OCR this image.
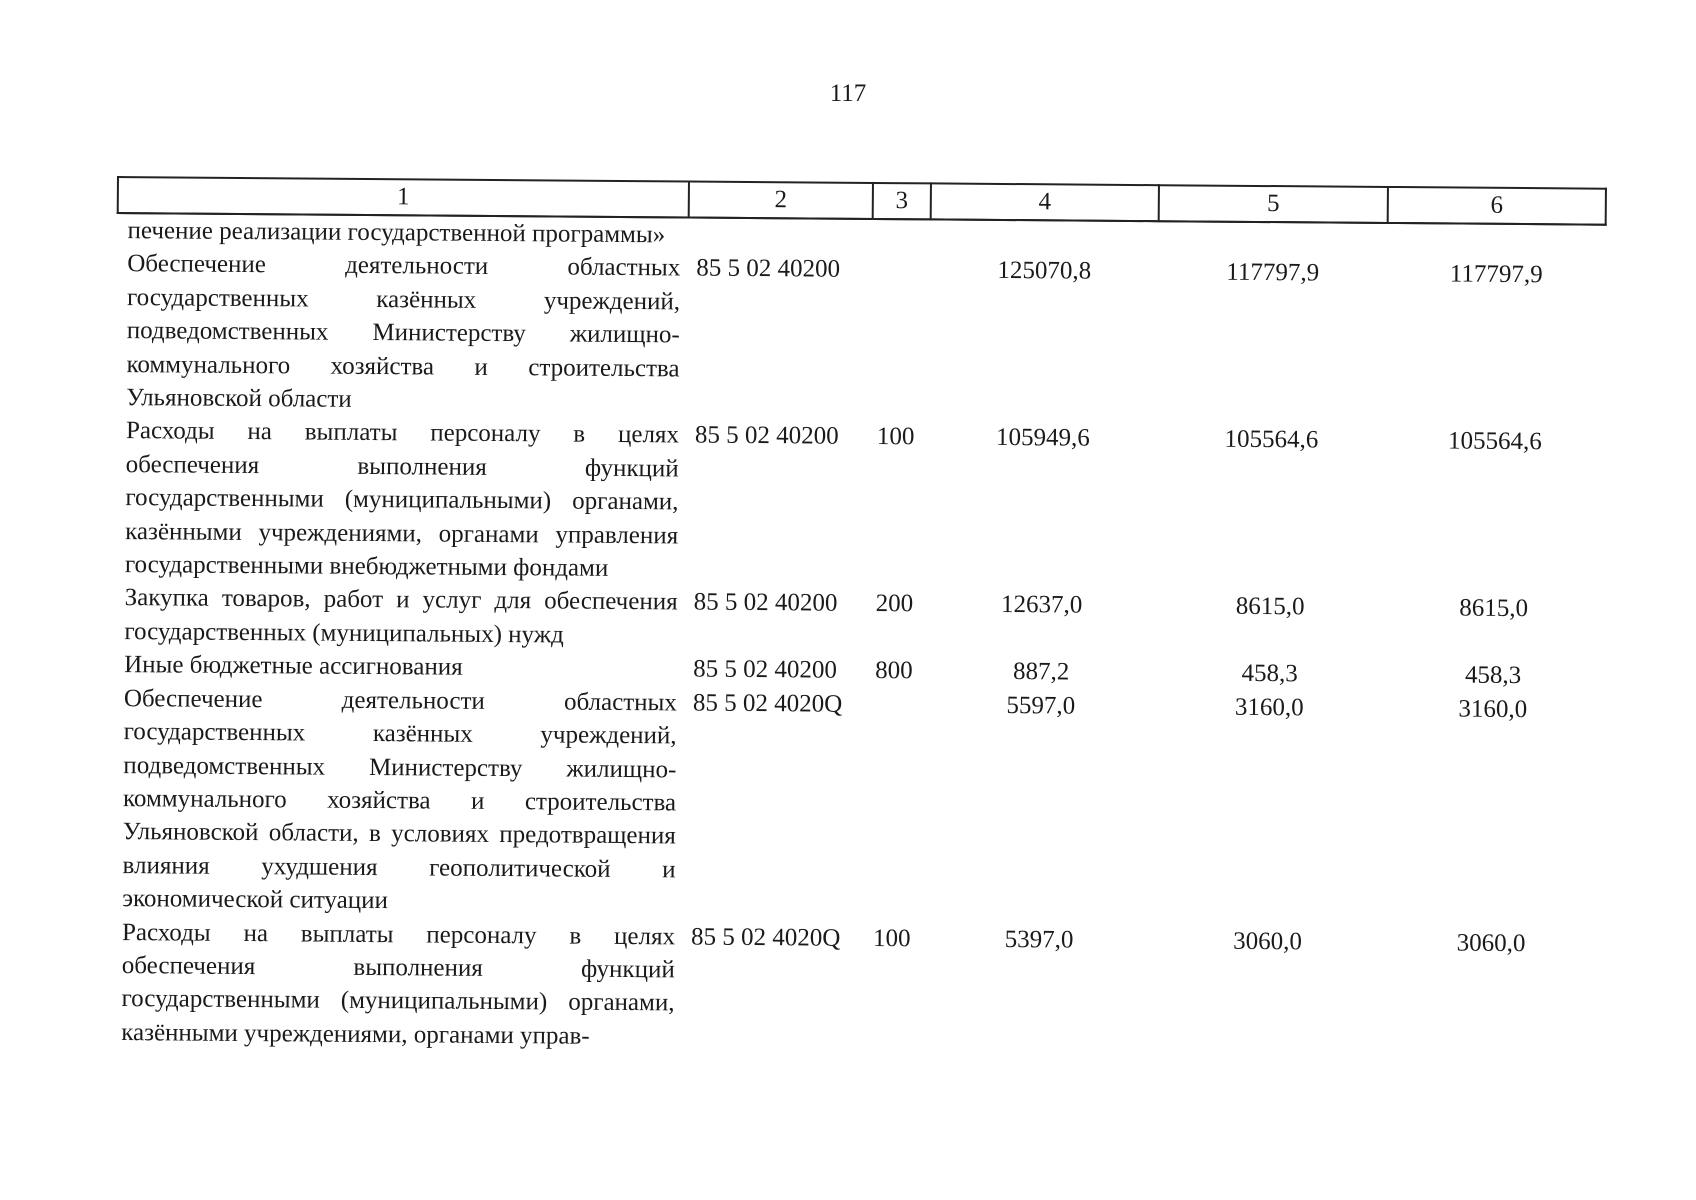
117
1	2	3	4	5	6
печение реализации государственной программы»					
Обеспечение деятельности областных государственных казённых учреждений, подведомственных Министерству жилищно-коммунального хозяйства и строительства Ульяновской области	85 5 02 40200		125070,8	117797,9	117797,9
Расходы на выплаты персоналу в целях обеспечения выполнения функций государственными (муниципальными) органами, казёнными учреждениями, органами управления государственными внебюджетными фондами	85 5 02 40200	100	105949,6	105564,6	105564,6
Закупка товаров, работ и услуг для обеспечения государственных (муниципальных) нужд	85 5 02 40200	200	12637,0	8615,0	8615,0
Иные бюджетные ассигнования	85 5 02 40200	800	887,2	458,3	458,3
Обеспечение деятельности областных государственных казённых учреждений, подведомственных Министерству жилищно-коммунального хозяйства и строительства Ульяновской области, в условиях предотвращения влияния ухудшения геополитической и экономической ситуации	85 5 02 4020Q		5597,0	3160,0	3160,0
Расходы на выплаты персоналу в целях обеспечения выполнения функций государственными (муниципальными) органами, казёнными учреждениями, органами управ-	85 5 02 4020Q	100	5397,0	3060,0	3060,0
